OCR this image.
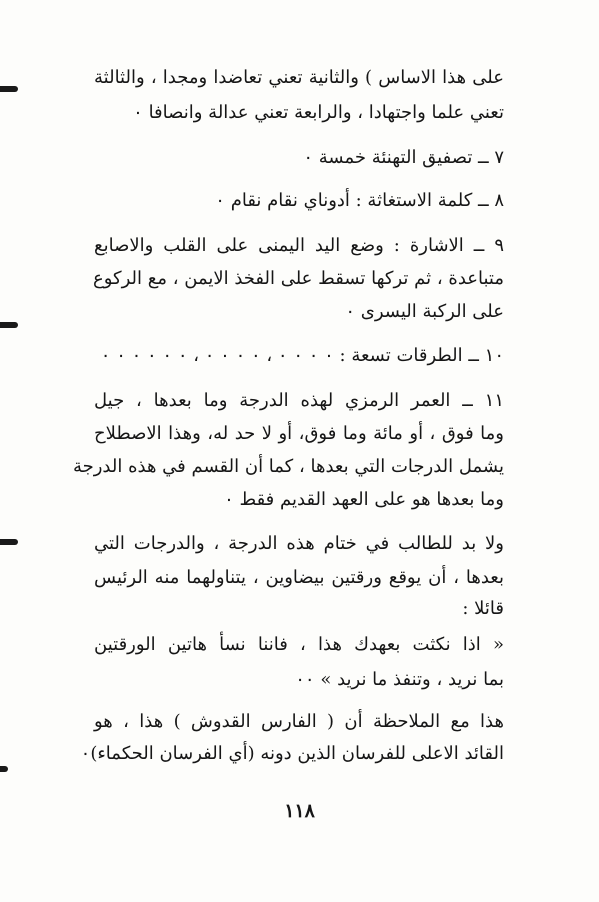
على هذا الاساس ) والثانية تعني تعاضدا ومجدا ، والثالثة
تعني علما واجتهادا ، والرابعة تعني عدالة وانصافا ٠
٧ ــ تصفيق التهنئة خمسة ٠
٨ ــ كلمة الاستغاثة : أدوناي نقام نقام ٠
٩ ــ الاشارة : وضع اليد اليمنى على القلب والاصابع
متباعدة ، ثم تركها تسقط على الفخذ الايمن ، مع الركوع
على الركبة اليسرى ٠
١٠ ــ الطرقات تسعة : ٠ ٠ ٠ ٠ ، ٠ ٠ ٠ ٠ ، ٠ ٠ ٠ ٠ ٠ ٠
١١ ــ العمر الرمزي لهذه الدرجة وما بعدها ، جيل
وما فوق ، أو مائة وما فوق، أو لا حد له، وهذا الاصطلاح
يشمل الدرجات التي بعدها ، كما أن القسم في هذه الدرجة
وما بعدها هو على العهد القديم فقط ٠
ولا بد للطالب في ختام هذه الدرجة ، والدرجات التي
بعدها ، أن يوقع ورقتين بيضاوين ، يتناولهما منه الرئيس
قائلا :
« اذا نكثت بعهدك هذا ، فاننا نسأ هاتين الورقتين
بما نريد ، وتنفذ ما نريد » ٠٠
هذا مع الملاحظة أن ( الفارس القدوش ) هذا ، هو
القائد الاعلى للفرسان الذين دونه (أي الفرسان الحكماء)٠
١١٨
